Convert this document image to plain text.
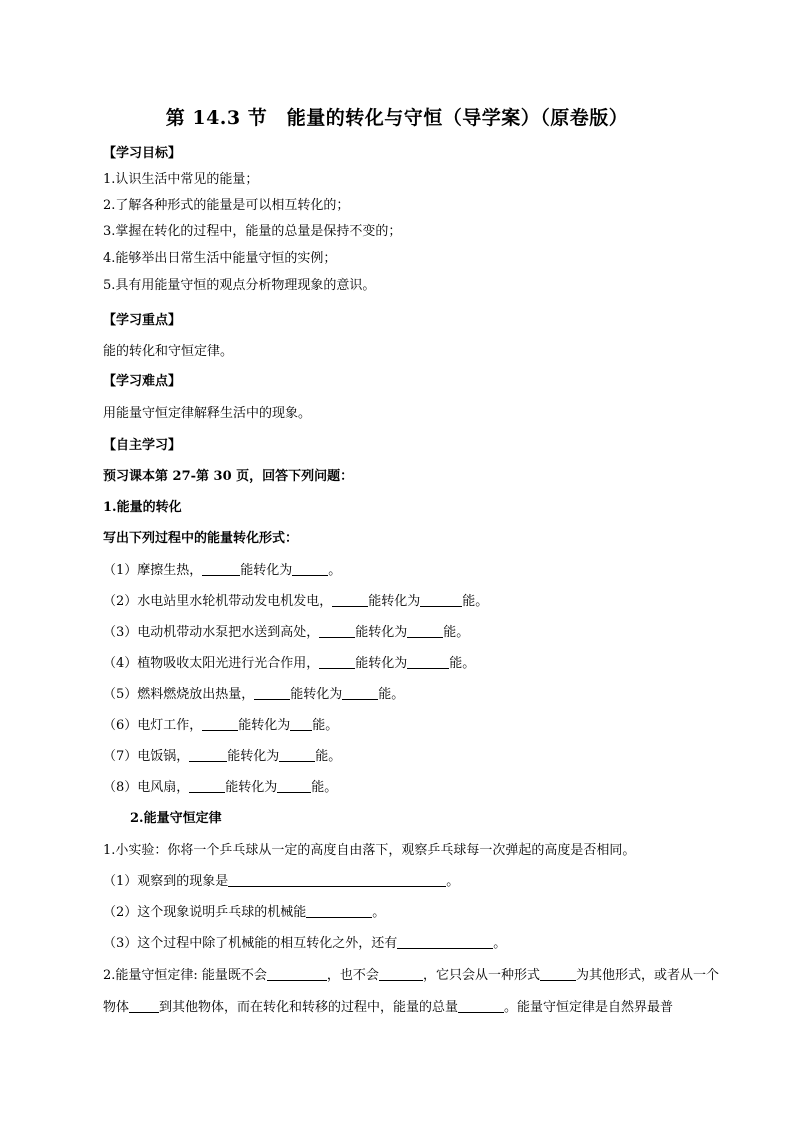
第 14.3 节　能量的转化与守恒（导学案）（原卷版）
【学习目标】
1.认识生活中常见的能量；
2.了解各种形式的能量是可以相互转化的；
3.掌握在转化的过程中，能量的总量是保持不变的；
4.能够举出日常生活中能量守恒的实例；
5.具有用能量守恒的观点分析物理现象的意识。
【学习重点】
能的转化和守恒定律。
【学习难点】
用能量守恒定律解释生活中的现象。
【自主学习】
预习课本第 27-第 30 页，回答下列问题：
1.能量的转化
写出下列过程中的能量转化形式：
（1）摩擦生热，	能转化为	。
（2）水电站里水轮机带动发电机发电，	能转化为	能。
（3）电动机带动水泵把水送到高处，	能转化为	能。
（4）植物吸收太阳光进行光合作用，	能转化为	能。
（5）燃料燃烧放出热量，	能转化为	能。
（6）电灯工作，	能转化为 能。
（7）电饭锅，	能转化为	能。
（8）电风扇，	能转化为	能。
2.能量守恒定律
1.小实验：你将一个乒乓球从一定的高度自由落下，观察乒乓球每一次弹起的高度是否相同。
（1）观察到的现象是	。
（2）这个现象说明乒乓球的机械能	。
（3）这个过程中除了机械能的相互转化之外，还有	。
2.能量守恒定律: 能量既不会	，也不会	，它只会从一种形式	为其他形式，或者从一个物体 到其他物体，而在转化和转移的过程中，能量的总量	。能量守恒定律是自然界最普
